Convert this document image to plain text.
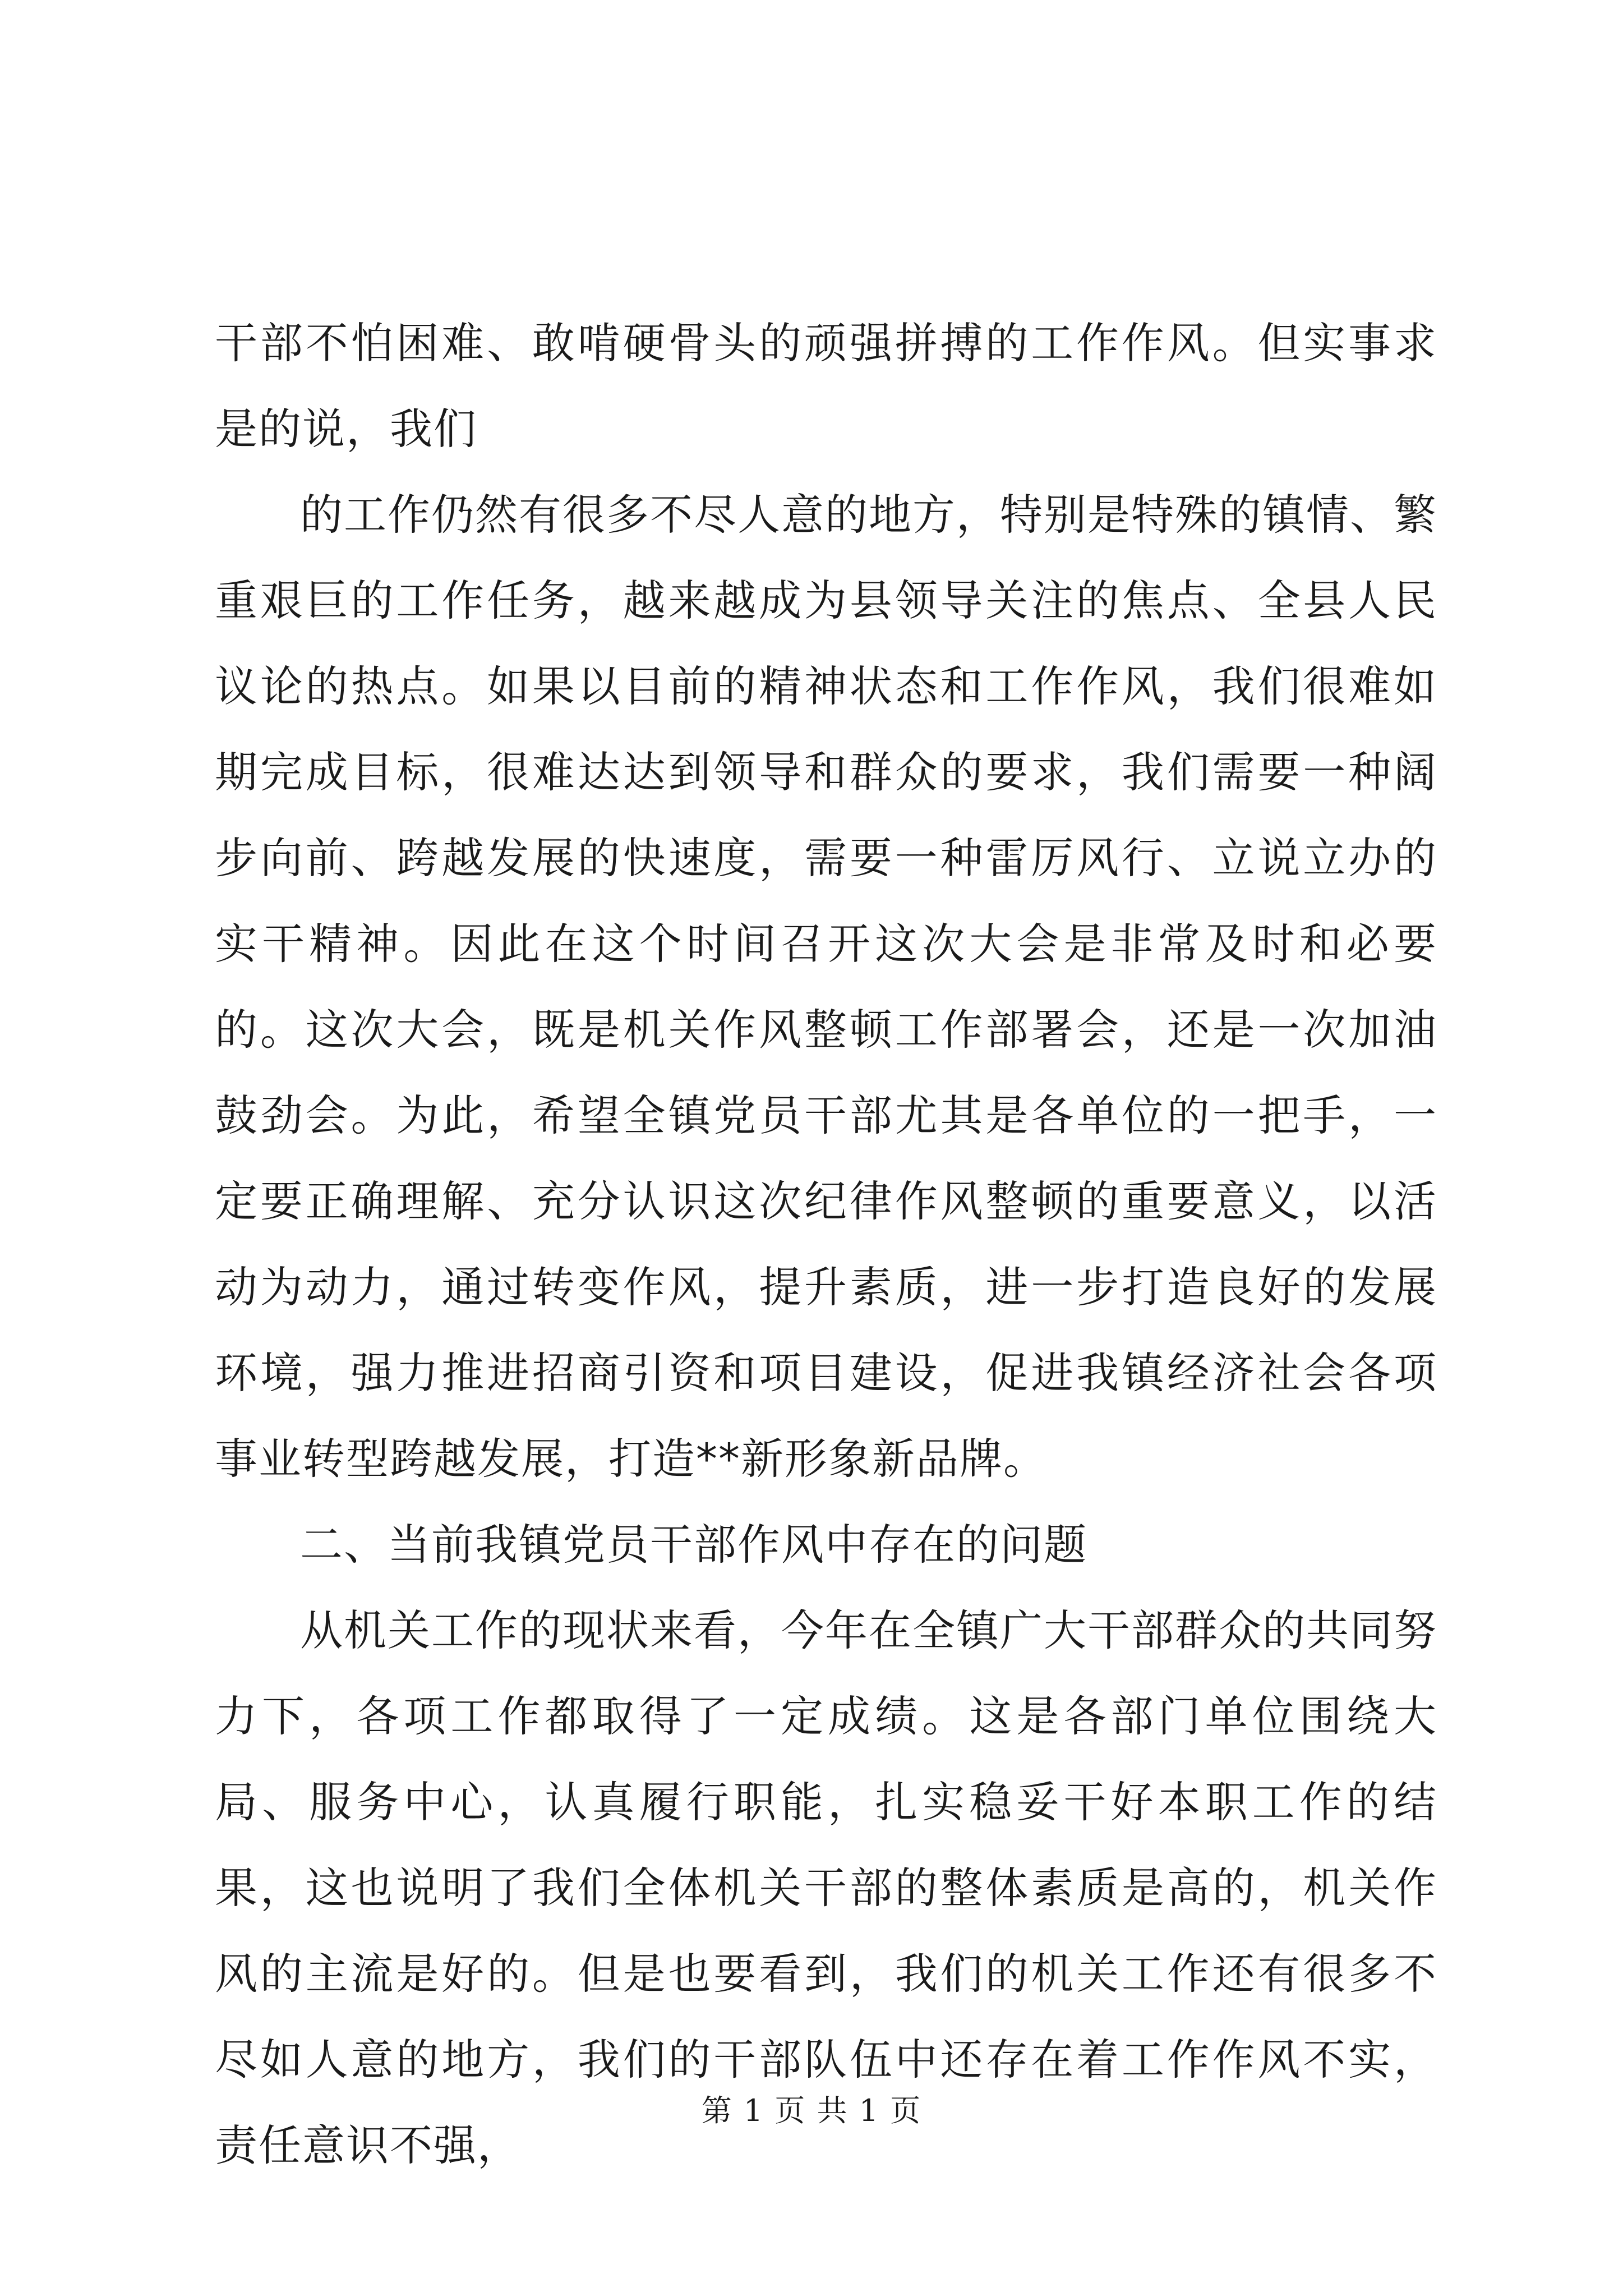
干部不怕困难、敢啃硬骨头的顽强拼搏的工作作风。但实事求是的说，我们

的工作仍然有很多不尽人意的地方，特别是特殊的镇情、繁重艰巨的工作任务，越来越成为县领导关注的焦点、全县人民议论的热点。如果以目前的精神状态和工作作风，我们很难如期完成目标，很难达达到领导和群众的要求，我们需要一种阔步向前、跨越发展的快速度，需要一种雷厉风行、立说立办的实干精神。因此在这个时间召开这次大会是非常及时和必要的。这次大会，既是机关作风整顿工作部署会，还是一次加油鼓劲会。为此，希望全镇党员干部尤其是各单位的一把手，一定要正确理解、充分认识这次纪律作风整顿的重要意义，以活动为动力，通过转变作风，提升素质，进一步打造良好的发展环境，强力推进招商引资和项目建设，促进我镇经济社会各项事业转型跨越发展，打造**新形象新品牌。

二、当前我镇党员干部作风中存在的问题

从机关工作的现状来看，今年在全镇广大干部群众的共同努力下，各项工作都取得了一定成绩。这是各部门单位围绕大局、服务中心，认真履行职能，扎实稳妥干好本职工作的结果，这也说明了我们全体机关干部的整体素质是高的，机关作风的主流是好的。但是也要看到，我们的机关工作还有很多不尽如人意的地方，我们的干部队伍中还存在着工作作风不实，责任意识不强，

第 1 页 共 1 页
